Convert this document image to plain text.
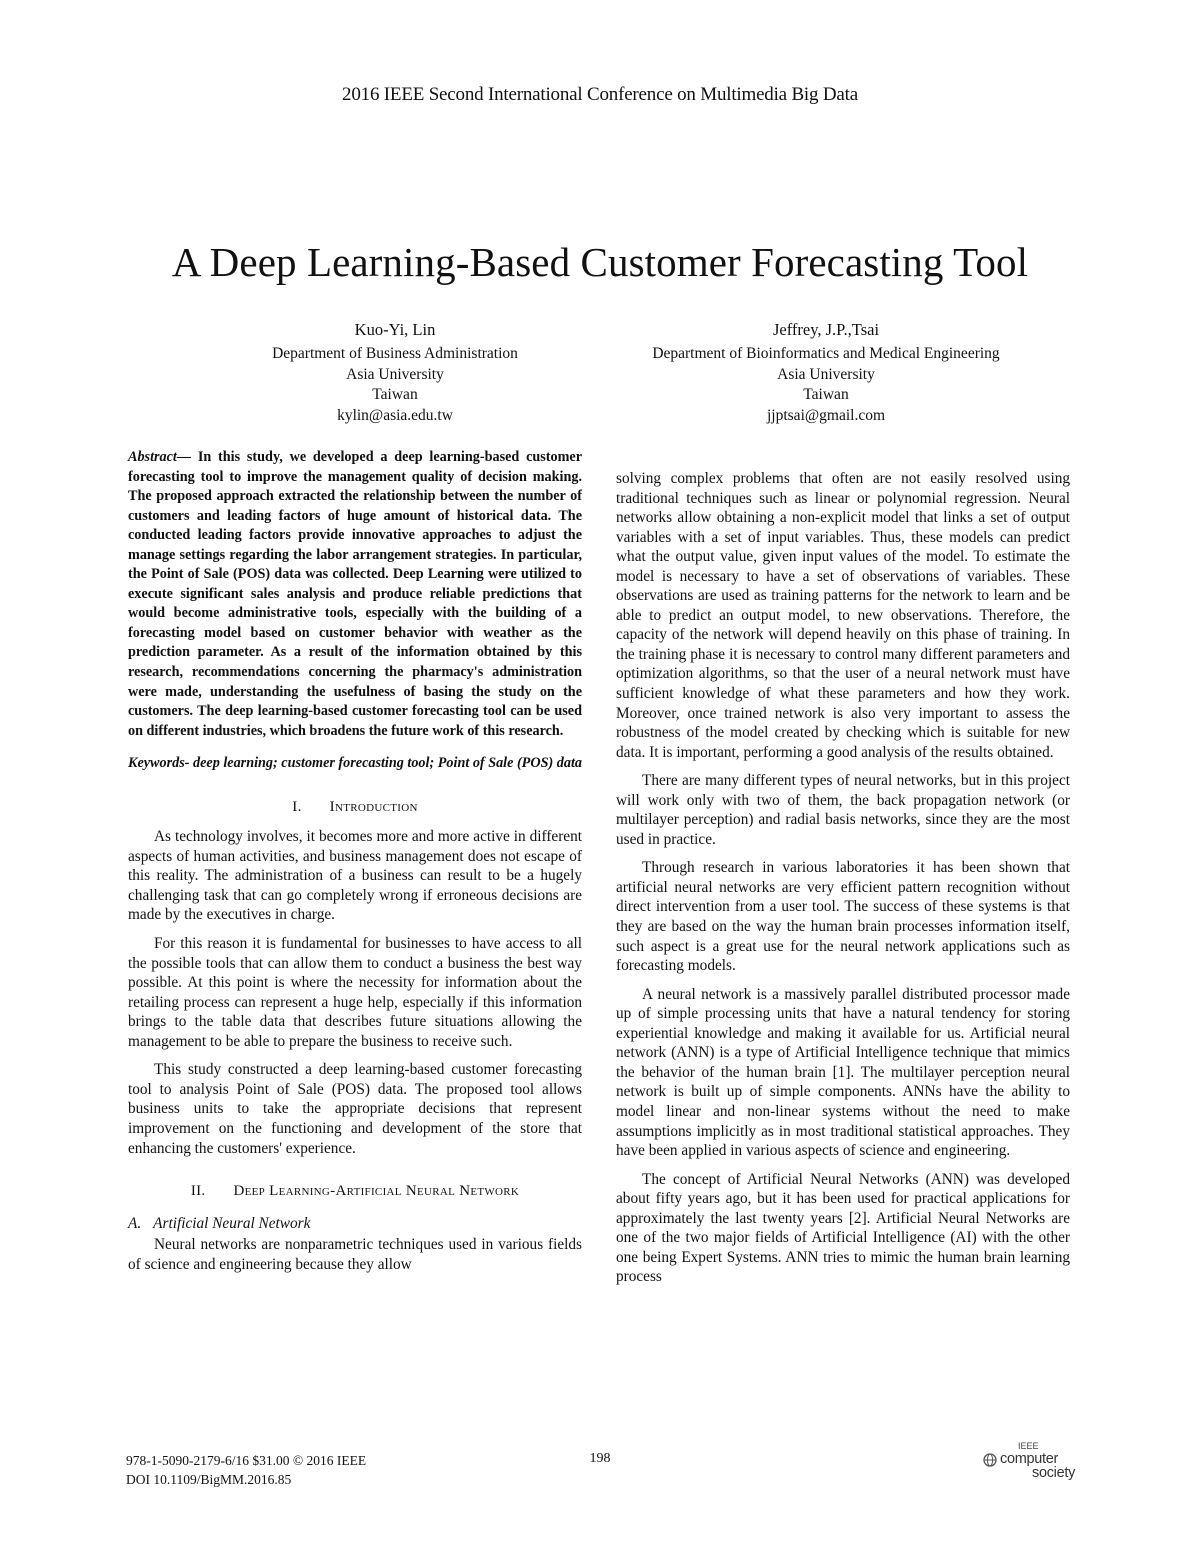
2016 IEEE Second International Conference on Multimedia Big Data
A Deep Learning-Based Customer Forecasting Tool
Kuo-Yi, Lin
Department of Business Administration
Asia University
Taiwan
kylin@asia.edu.tw
Jeffrey, J.P.,Tsai
Department of Bioinformatics and Medical Engineering
Asia University
Taiwan
jjptsai@gmail.com

Abstract— In this study, we developed a deep learning-based customer forecasting tool to improve the management quality of decision making. The proposed approach extracted the relationship between the number of customers and leading factors of huge amount of historical data. The conducted leading factors provide innovative approaches to adjust the manage settings regarding the labor arrangement strategies. In particular, the Point of Sale (POS) data was collected. Deep Learning were utilized to execute significant sales analysis and produce reliable predictions that would become administrative tools, especially with the building of a forecasting model based on customer behavior with weather as the prediction parameter. As a result of the information obtained by this research, recommendations concerning the pharmacy's administration were made, understanding the usefulness of basing the study on the customers. The deep learning-based customer forecasting tool can be used on different industries, which broadens the future work of this research.

Keywords- deep learning; customer forecasting tool; Point of Sale (POS) data

I. Introduction

As technology involves, it becomes more and more active in different aspects of human activities, and business management does not escape of this reality. The administration of a business can result to be a hugely challenging task that can go completely wrong if erroneous decisions are made by the executives in charge.

For this reason it is fundamental for businesses to have access to all the possible tools that can allow them to conduct a business the best way possible. At this point is where the necessity for information about the retailing process can represent a huge help, especially if this information brings to the table data that describes future situations allowing the management to be able to prepare the business to receive such.

This study constructed a deep learning-based customer forecasting tool to analysis Point of Sale (POS) data. The proposed tool allows business units to take the appropriate decisions that represent improvement on the functioning and development of the store that enhancing the customers' experience.

II. Deep Learning-Artificial Neural Network

A. Artificial Neural Network

Neural networks are nonparametric techniques used in various fields of science and engineering because they allow

solving complex problems that often are not easily resolved using traditional techniques such as linear or polynomial regression. Neural networks allow obtaining a non-explicit model that links a set of output variables with a set of input variables. Thus, these models can predict what the output value, given input values of the model. To estimate the model is necessary to have a set of observations of variables. These observations are used as training patterns for the network to learn and be able to predict an output model, to new observations. Therefore, the capacity of the network will depend heavily on this phase of training. In the training phase it is necessary to control many different parameters and optimization algorithms, so that the user of a neural network must have sufficient knowledge of what these parameters and how they work. Moreover, once trained network is also very important to assess the robustness of the model created by checking which is suitable for new data. It is important, performing a good analysis of the results obtained.

There are many different types of neural networks, but in this project will work only with two of them, the back propagation network (or multilayer perception) and radial basis networks, since they are the most used in practice.

Through research in various laboratories it has been shown that artificial neural networks are very efficient pattern recognition without direct intervention from a user tool. The success of these systems is that they are based on the way the human brain processes information itself, such aspect is a great use for the neural network applications such as forecasting models.

A neural network is a massively parallel distributed processor made up of simple processing units that have a natural tendency for storing experiential knowledge and making it available for us. Artificial neural network (ANN) is a type of Artificial Intelligence technique that mimics the behavior of the human brain [1]. The multilayer perception neural network is built up of simple components. ANNs have the ability to model linear and non-linear systems without the need to make assumptions implicitly as in most traditional statistical approaches. They have been applied in various aspects of science and engineering.

The concept of Artificial Neural Networks (ANN) was developed about fifty years ago, but it has been used for practical applications for approximately the last twenty years [2]. Artificial Neural Networks are one of the two major fields of Artificial Intelligence (AI) with the other one being Expert Systems. ANN tries to mimic the human brain learning process

978-1-5090-2179-6/16 $31.00 © 2016 IEEE
DOI 10.1109/BigMM.2016.85
198
IEEE
computer
society
